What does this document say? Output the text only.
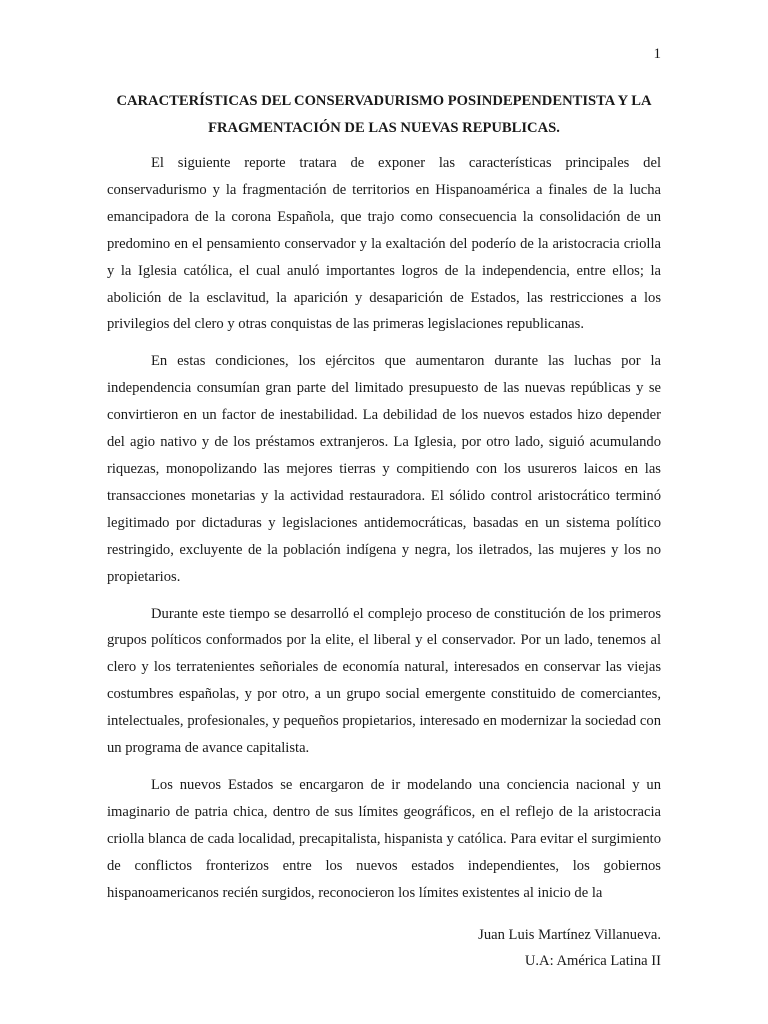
1
CARACTERÍSTICAS DEL CONSERVADURISMO POSINDEPENDENTISTA Y LA
FRAGMENTACIÓN DE LAS NUEVAS REPUBLICAS.

El siguiente reporte tratara de exponer las características principales del conservadurismo y la fragmentación de territorios en Hispanoamérica a finales de la lucha emancipadora de la corona Española, que trajo como consecuencia la consolidación de un predomino en el pensamiento conservador y la exaltación del poderío de la aristocracia criolla y la Iglesia católica, el cual anuló importantes logros de la independencia, entre ellos; la abolición de la esclavitud, la aparición y desaparición de Estados, las restricciones a los privilegios del clero y otras conquistas de las primeras legislaciones republicanas.

En estas condiciones, los ejércitos que aumentaron durante las luchas por la independencia consumían gran parte del limitado presupuesto de las nuevas repúblicas y se convirtieron en un factor de inestabilidad. La debilidad de los nuevos estados hizo depender del agio nativo y de los préstamos extranjeros. La Iglesia, por otro lado, siguió acumulando riquezas, monopolizando las mejores tierras y compitiendo con los usureros laicos en las transacciones monetarias y la actividad restauradora. El sólido control aristocrático terminó legitimado por dictaduras y legislaciones antidemocráticas, basadas en un sistema político restringido, excluyente de la población indígena y negra, los iletrados, las mujeres y los no propietarios.

Durante este tiempo se desarrolló el complejo proceso de constitución de los primeros grupos políticos conformados por la elite, el liberal y el conservador. Por un lado, tenemos al clero y los terratenientes señoriales de economía natural, interesados en conservar las viejas costumbres españolas, y por otro, a un grupo social emergente constituido de comerciantes, intelectuales, profesionales, y pequeños propietarios, interesado en modernizar la sociedad con un programa de avance capitalista.

Los nuevos Estados se encargaron de ir modelando una conciencia nacional y un imaginario de patria chica, dentro de sus límites geográficos, en el reflejo de la aristocracia criolla blanca de cada localidad, precapitalista, hispanista y católica. Para evitar el surgimiento de conflictos fronterizos entre los nuevos estados independientes, los gobiernos hispanoamericanos recién surgidos, reconocieron los límites existentes al inicio de la

Juan Luis Martínez Villanueva.
U.A: América Latina II
